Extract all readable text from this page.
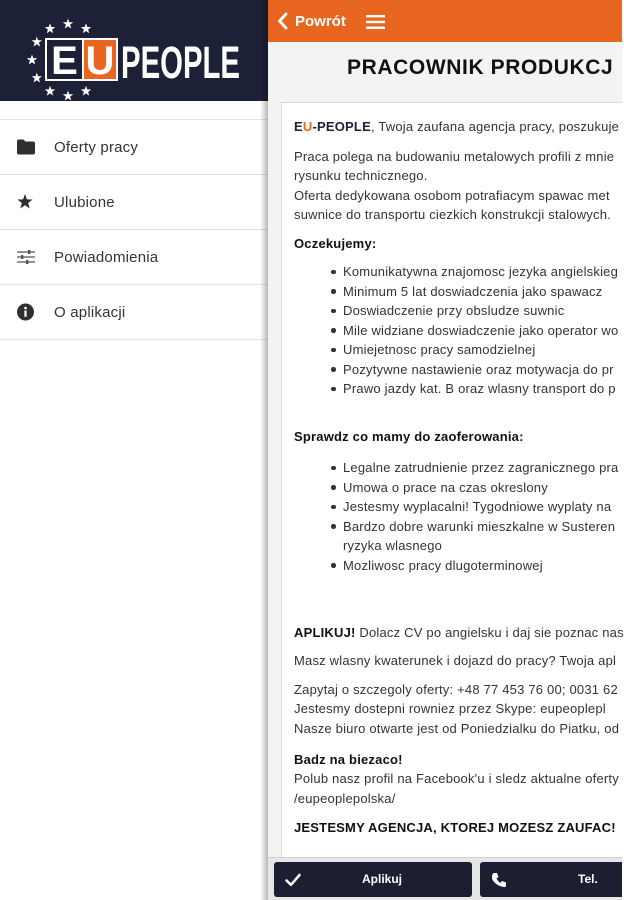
E U PEOPLE
Oferty pracy
Ulubione
Powiadomienia
O aplikacji
Powrót
PRACOWNIK PRODUKCJ
EU-PEOPLE, Twoja zaufana agencja pracy, poszukuje
Praca polega na budowaniu metalowych profili z mnie
rysunku technicznego.
Oferta dedykowana osobom potrafiacym spawac met
suwnice do transportu ciezkich konstrukcji stalowych.
Oczekujemy:
Komunikatywna znajomosc jezyka angielskieg
Minimum 5 lat doswiadczenia jako spawacz
Doswiadczenie przy obsludze suwnic
Mile widziane doswiadczenie jako operator wo
Umiejetnosc pracy samodzielnej
Pozytywne nastawienie oraz motywacja do pr
Prawo jazdy kat. B oraz wlasny transport do p
Sprawdz co mamy do zaoferowania:
Legalne zatrudnienie przez zagranicznego pra
Umowa o prace na czas okreslony
Jestesmy wyplacalni! Tygodniowe wyplaty na
Bardzo dobre warunki mieszkalne w Susteren
ryzyka wlasnego
Mozliwosc pracy dlugoterminowej
APLIKUJ! Dolacz CV po angielsku i daj sie poznac nas
Masz wlasny kwaterunek i dojazd do pracy? Twoja apl
Zapytaj o szczegoly oferty: +48 77 453 76 00; 0031 62
Jestesmy dostepni rowniez przez Skype: eupeoplepl
Nasze biuro otwarte jest od Poniedzialku do Piatku, od
Badz na biezaco!
Polub nasz profil na Facebook'u i sledz aktualne oferty
/eupeoplepolska/
JESTESMY AGENCJA, KTOREJ MOZESZ ZAUFAC!
Aplikuj	Tel.
